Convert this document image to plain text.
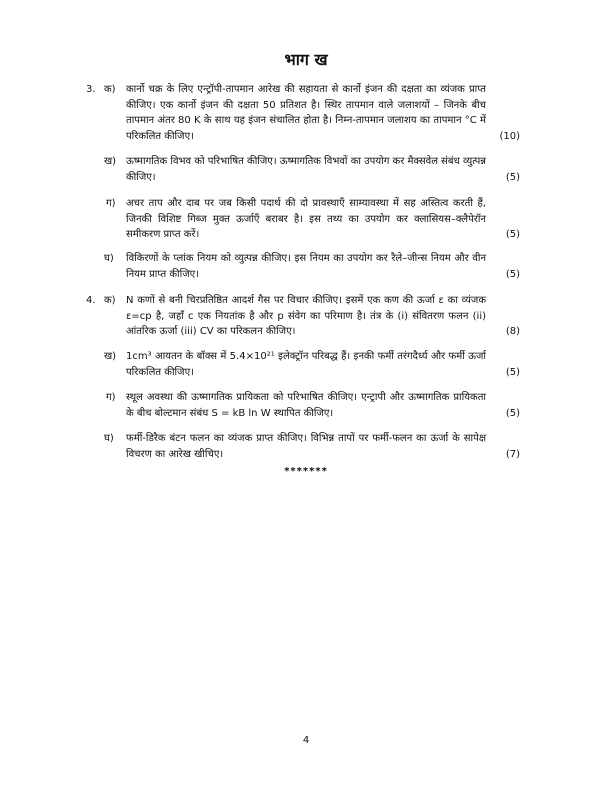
भाग ख
3. क) कार्नो चक्र के लिए एन्ट्रॉपी-तापमान आरेख की सहायता से कार्नो इंजन की दक्षता का व्यंजक प्राप्त कीजिए। एक कार्नो इंजन की दक्षता 50 प्रतिशत है। स्थिर तापमान वाले जलाशयों – जिनके बीच तापमान अंतर 80 K के साथ यह इंजन संचालित होता है। निम्न-तापमान जलाशय का तापमान °C में परिकलित कीजिए।	(10)
ख) ऊष्मागतिक विभव को परिभाषित कीजिए। ऊष्मागतिक विभवों का उपयोग कर मैक्सवेल संबंध व्युत्पन्न कीजिए।	(5)
ग) अचर ताप और दाब पर जब किसी पदार्थ की दो प्रावस्थाएँ साम्यावस्था में सह अस्तित्व करती हैं, जिनकी विशिष्ट गिब्ज मुक्त ऊर्जाएँ बराबर है। इस तथ्य का उपयोग कर क्लासियस–क्लैपेरॉन समीकरण प्राप्त करें।	(5)
घ) विकिरणों के प्लांक नियम को व्युत्पन्न कीजिए। इस नियम का उपयोग कर रैले–जीन्स नियम और वीन नियम प्राप्त कीजिए।	(5)
4. क) N कणों से बनी चिरप्रतिष्ठित आदर्श गैस पर विचार कीजिए। इसमें एक कण की ऊर्जा ε का व्यंजक ε=cp है, जहाँ c एक नियतांक है और p संवेग का परिमाण है। तंत्र के (i) संवितरण फलन (ii) आंतरिक ऊर्जा (iii) CV का परिकलन कीजिए।	(8)
ख) 1cm³ आयतन के बॉक्स में 5.4×10²¹ इलेक्ट्रॉन परिबद्ध हैं। इनकी फर्मी तरंगदैर्ध्य और फर्मी ऊर्जा परिकलित कीजिए।	(5)
ग) स्थूल अवस्था की ऊष्मागतिक प्रायिकता को परिभाषित कीजिए। एन्ट्रापी और ऊष्मागतिक प्रायिकता के बीच बोल्टमान संबंध S = kB ln W स्थापित कीजिए।	(5)
घ) फर्मी-डिरैक बंटन फलन का व्यंजक प्राप्त कीजिए। विभिन्न तापों पर फर्मी-फलन का ऊर्जा के सापेक्ष विचरण का आरेख खीचिए।	(7)
*******
4
